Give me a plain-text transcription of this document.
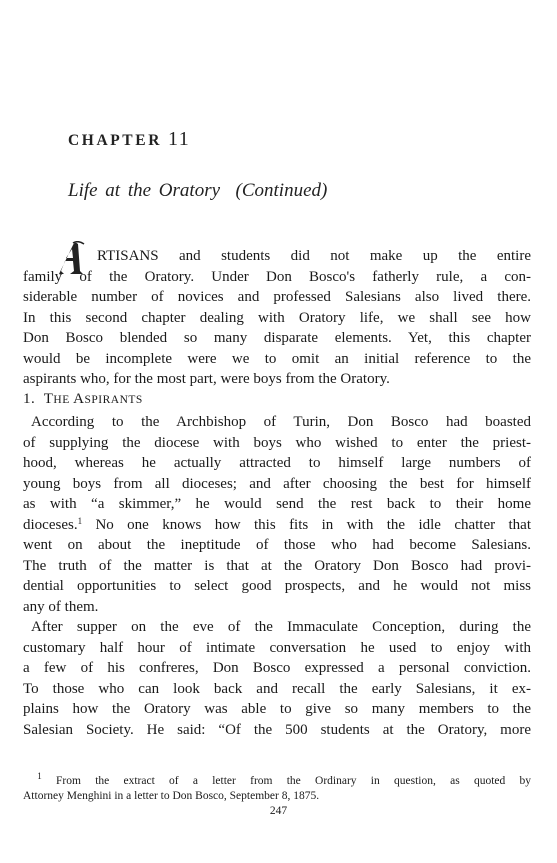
CHAPTER 11
Life at the Oratory (Continued)
RTISANS and students did not make up the entire
family of the Oratory. Under Don Bosco's fatherly rule, a con-
siderable number of novices and professed Salesians also lived there.
In this second chapter dealing with Oratory life, we shall see how
Don Bosco blended so many disparate elements. Yet, this chapter
would be incomplete were we to omit an initial reference to the
aspirants who, for the most part, were boys from the Oratory.
1. THE ASPIRANTS
According to the Archbishop of Turin, Don Bosco had boasted
of supplying the diocese with boys who wished to enter the priest-
hood, whereas he actually attracted to himself large numbers of
young boys from all dioceses; and after choosing the best for himself
as with “a skimmer,” he would send the rest back to their home
dioceses.$^1$ No one knows how this fits in with the idle chatter that
went on about the ineptitude of those who had become Salesians.
The truth of the matter is that at the Oratory Don Bosco had provi-
dential opportunities to select good prospects, and he would not miss
any of them.
After supper on the eve of the Immaculate Conception, during the
customary half hour of intimate conversation he used to enjoy with
a few of his confreres, Don Bosco expressed a personal conviction.
To those who can look back and recall the early Salesians, it ex-
plains how the Oratory was able to give so many members to the
Salesian Society. He said: “Of the 500 students at the Oratory, more
$^1$ From the extract of a letter from the Ordinary in question, as quoted by
Attorney Menghini in a letter to Don Bosco, September 8, 1875.
247
